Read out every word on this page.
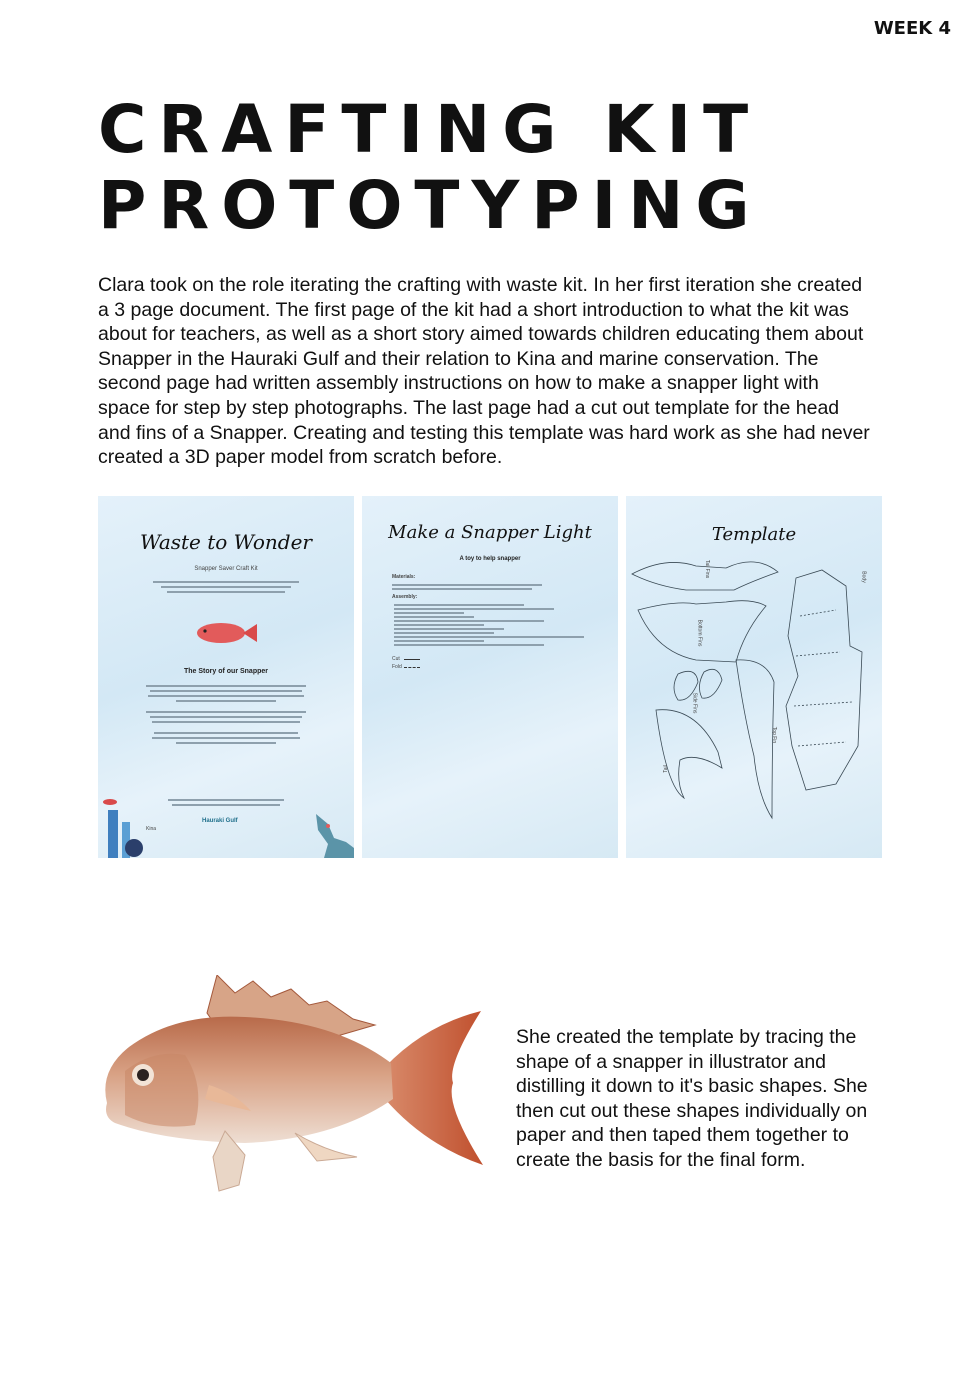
WEEK 4
CRAFTING KIT
PROTOTYPING

Clara took on the role iterating the crafting with waste kit. In her first iteration she created a 3 page document. The first page of the kit had a short introduction to what the kit was about for teachers, as well as a short story aimed towards children educating them about Snapper in the Hauraki Gulf and their relation to Kina and marine conservation. The second page had written assembly instructions on how to make a snapper light with space for step by step photographs. The last page had a cut out template for the head and fins of a Snapper. Creating and testing this template was hard work as she had never created a 3D paper model from scratch before.

Waste to Wonder
Snapper Saver Craft Kit
The Story of our Snapper
Hauraki Gulf
Kina
Make a Snapper Light
A toy to help snapper
Materials:
Assembly:
Cut
Fold
Template
Tail Fins
Bottom Fins
Side Fins
Top Fin
Tail
Body

She created the template by tracing the shape of a snapper in illustrator and distilling it down to it's basic shapes. She then cut out these shapes individually on paper and then taped them together to create the basis for the final form.
